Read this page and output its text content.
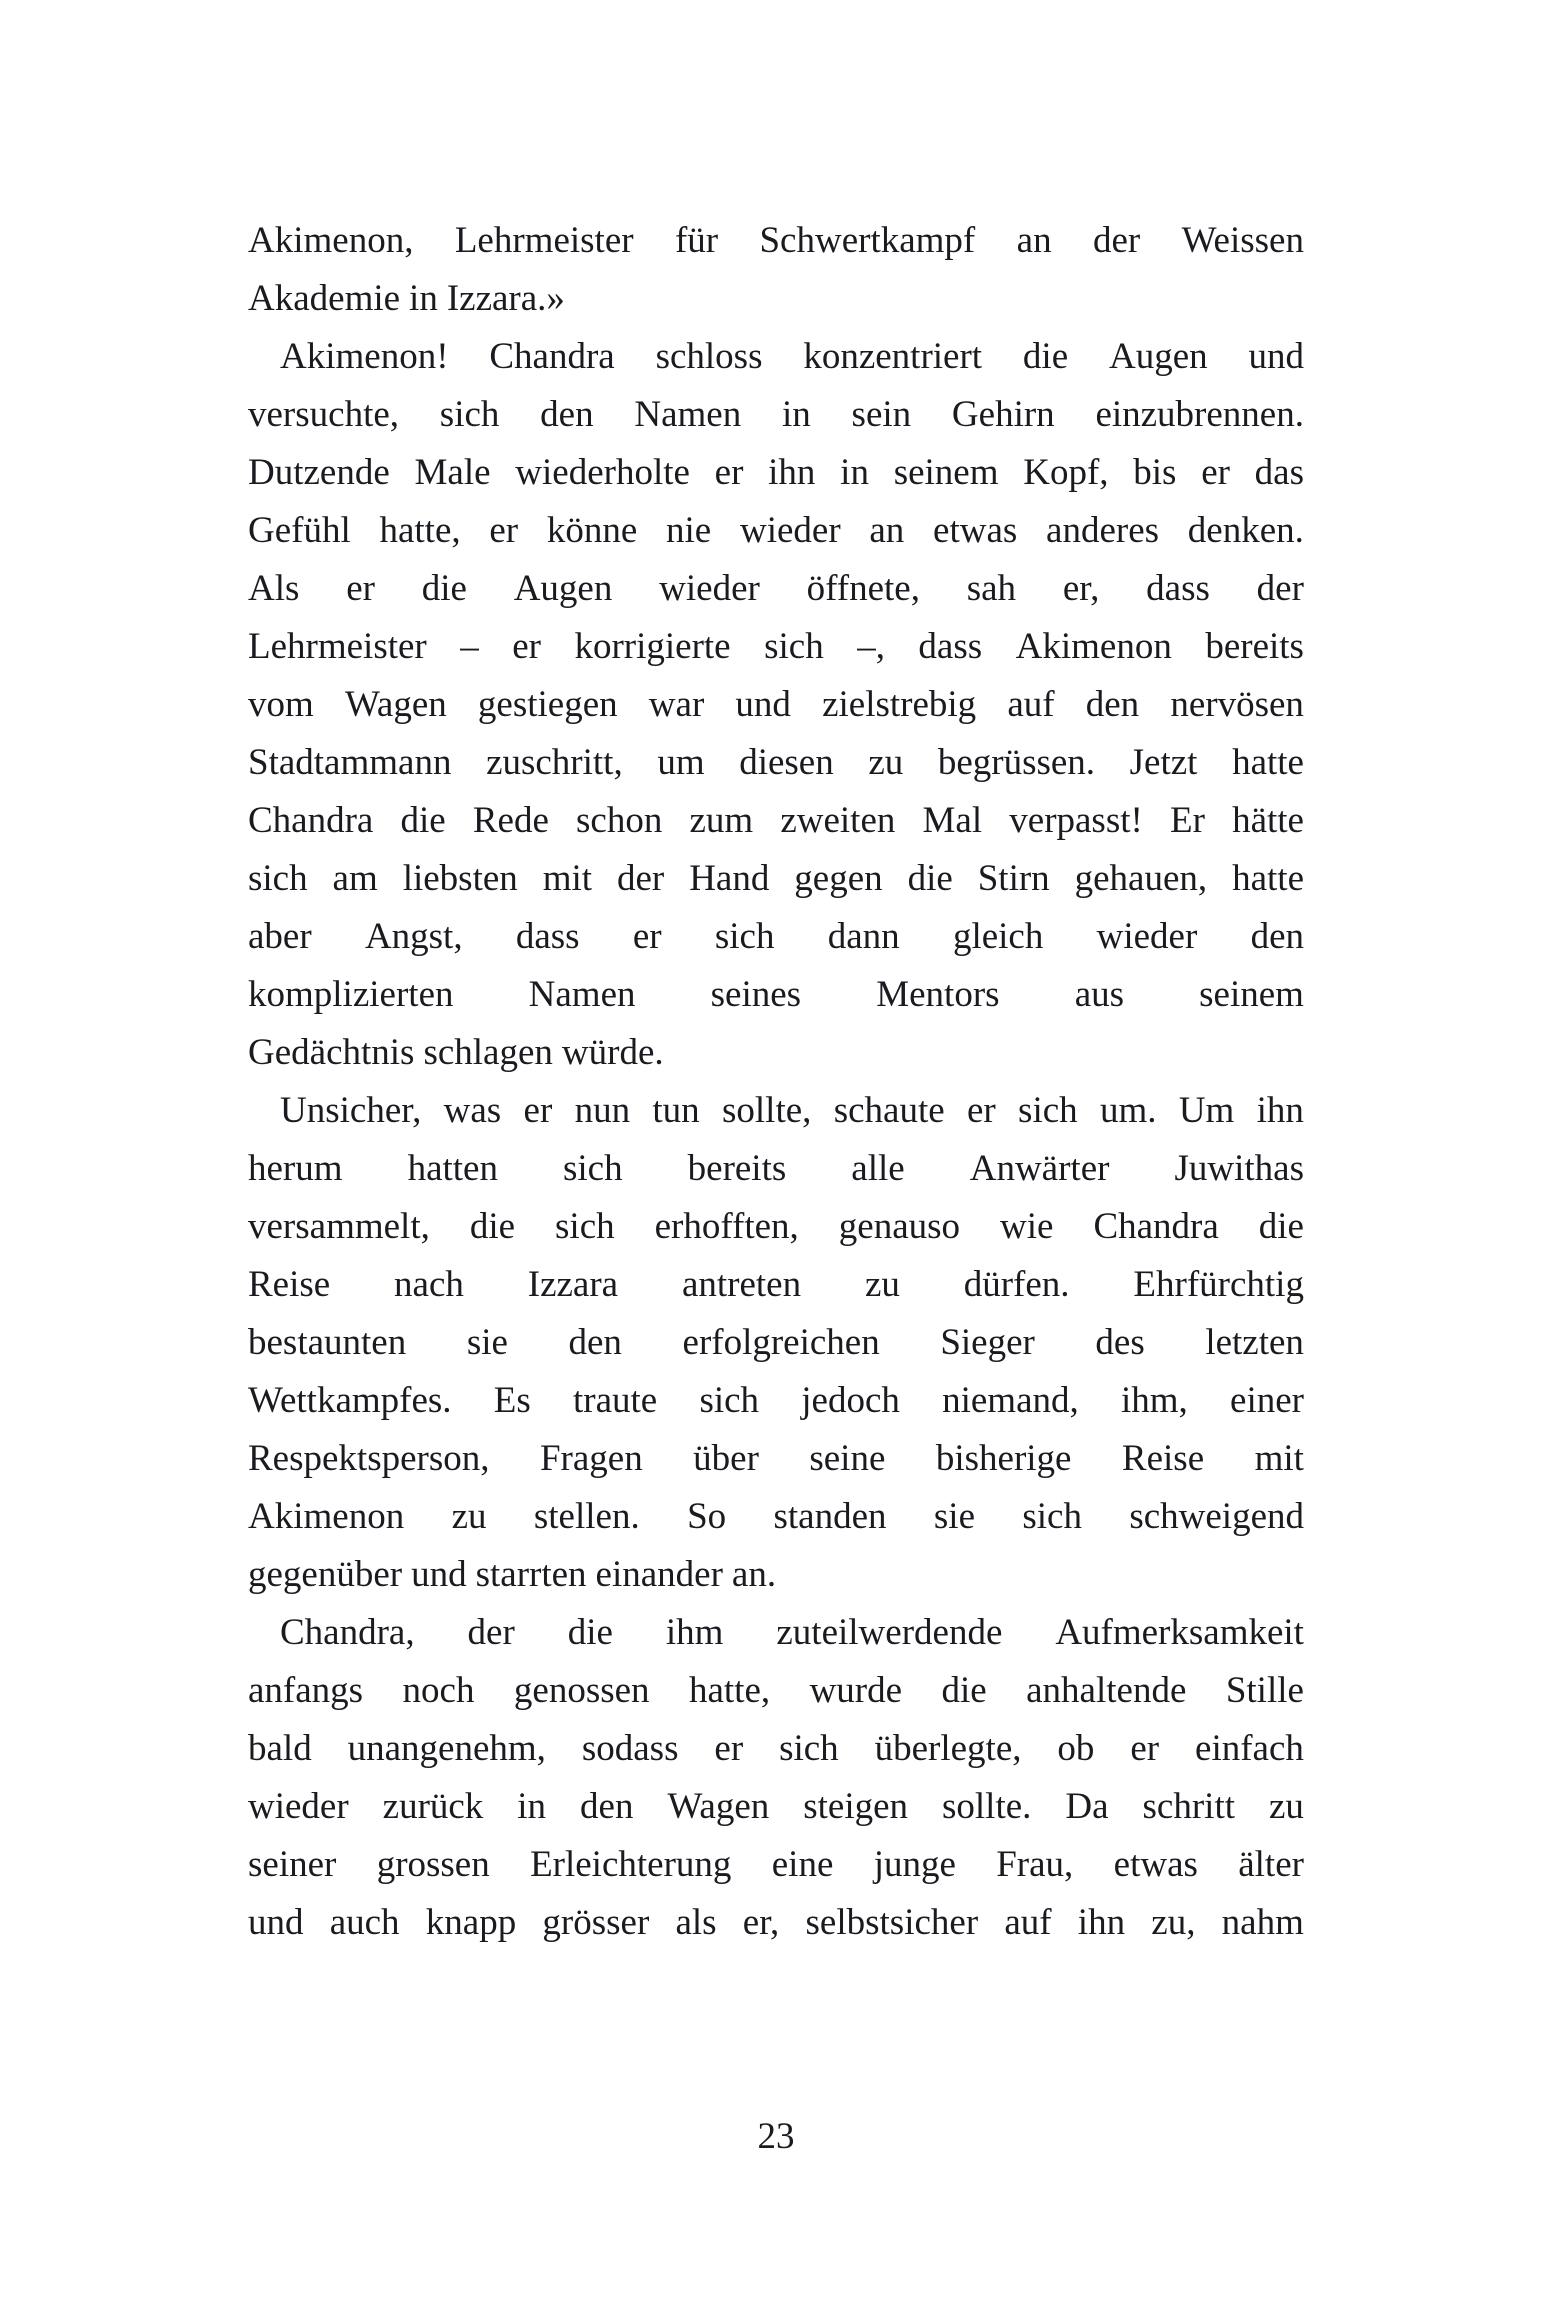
Akimenon, Lehrmeister für Schwertkampf an der Weissen
Akademie in Izzara.»
Akimenon! Chandra schloss konzentriert die Augen und
versuchte, sich den Namen in sein Gehirn einzubrennen.
Dutzende Male wiederholte er ihn in seinem Kopf, bis er das
Gefühl hatte, er könne nie wieder an etwas anderes denken.
Als er die Augen wieder öffnete, sah er, dass der
Lehrmeister – er korrigierte sich –, dass Akimenon bereits
vom Wagen gestiegen war und zielstrebig auf den nervösen
Stadtammann zuschritt, um diesen zu begrüssen. Jetzt hatte
Chandra die Rede schon zum zweiten Mal verpasst! Er hätte
sich am liebsten mit der Hand gegen die Stirn gehauen, hatte
aber Angst, dass er sich dann gleich wieder den
komplizierten Namen seines Mentors aus seinem
Gedächtnis schlagen würde.
Unsicher, was er nun tun sollte, schaute er sich um. Um ihn
herum hatten sich bereits alle Anwärter Juwithas
versammelt, die sich erhofften, genauso wie Chandra die
Reise nach Izzara antreten zu dürfen. Ehrfürchtig
bestaunten sie den erfolgreichen Sieger des letzten
Wettkampfes. Es traute sich jedoch niemand, ihm, einer
Respektsperson, Fragen über seine bisherige Reise mit
Akimenon zu stellen. So standen sie sich schweigend
gegenüber und starrten einander an.
Chandra, der die ihm zuteilwerdende Aufmerksamkeit
anfangs noch genossen hatte, wurde die anhaltende Stille
bald unangenehm, sodass er sich überlegte, ob er einfach
wieder zurück in den Wagen steigen sollte. Da schritt zu
seiner grossen Erleichterung eine junge Frau, etwas älter
und auch knapp grösser als er, selbstsicher auf ihn zu, nahm
23
